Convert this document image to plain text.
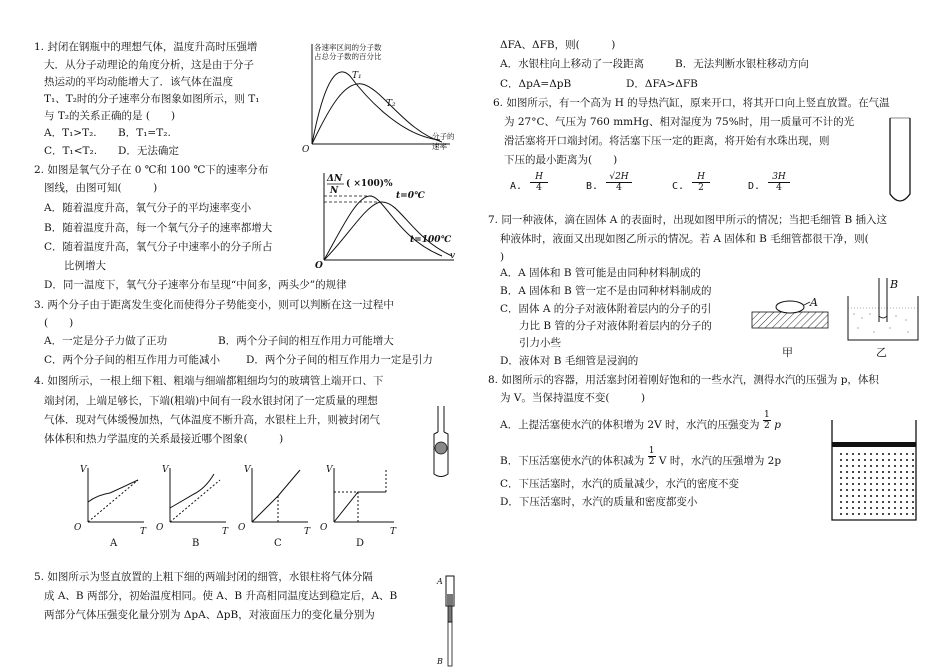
1. 封闭在钢瓶中的理想气体，温度升高时压强增
大．从分子动理论的角度分析，这是由于分子
热运动的平均动能增大了．该气体在温度
T₁、T₂时的分子速率分布图象如图所示，则 T₁
与 T₂的关系正确的是 (　　)
A．T₁>T₂. B．T₁=T₂.
C．T₁<T₂. D．无法确定
各速率区间的分子数
占总分子数的百分比
T₁
T₂
分子的
速率
O
2. 如图是氧气分子在 0 ℃和 100 ℃下的速率分布
图线，由图可知(　　　)
A．随着温度升高，氧气分子的平均速率变小
B．随着温度升高，每一个氧气分子的速率都增大
C．随着温度升高，氧气分子中速率小的分子所占
比例增大
D．同一温度下，氧气分子速率分布呈现“中间多，两头少”的规律
ΔN
N
( ×100)%
t=0℃
t=100℃
v
O
3. 两个分子由于距离发生变化而使得分子势能变小，则可以判断在这一过程中
(　　)
A．一定是分子力做了正功	B．两个分子间的相互作用力可能增大
C．两个分子间的相互作用力可能减小 D．两个分子间的相互作用力一定是引力
4. 如图所示，一根上细下粗、粗端与细端都粗细均匀的玻璃管上端开口、下
端封闭，上端足够长，下端(粗端)中间有一段水银封闭了一定质量的理想
气体．现对气体缓慢加热，气体温度不断升高，水银柱上升，则被封闭气
体体积和热力学温度的关系最接近哪个图象(　　　)
V
T
O
A
V
T
O
B
V
T
O
C
V
T
O
D
5. 如图所示为竖直放置的上粗下细的两端封闭的细管，水银柱将气体分隔
成 A、B 两部分，初始温度相同。使 A、B 升高相同温度达到稳定后，A、B
两部分气体压强变化量分别为 ΔpA、ΔpB，对液面压力的变化量分别为
A
B
ΔFA、ΔFB，则(　　　)
A．水银柱向上移动了一段距离	B．无法判断水银柱移动方向
C．ΔpA=ΔpB	D．ΔFA>ΔFB
6. 如图所示，有一个高为 H 的导热汽缸，原来开口，将其开口向上竖直放置。在气温
为 27°C、气压为 760 mmHg、相对湿度为 75%时，用一质量可不计的光
滑活塞将开口端封闭。将活塞下压一定的距离，将开始有水珠出现，则
下压的最小距离为(　　)
A. $\frac{H}{4}$	B. $\frac{√2H}{4}$	C. $\frac{H}{2}$	D. $\frac{3H}{4}$
7. 同一种液体，滴在固体 A 的表面时，出现如图甲所示的情况；当把毛细管 B 插入这
种液体时，液面又出现如图乙所示的情况。若 A 固体和 B 毛细管都很干净，则(
)
A．A 固体和 B 管可能是由同种材料制成的
B．A 固体和 B 管一定不是由同种材料制成的
C．固体 A 的分子对液体附着层内的分子的引
力比 B 管的分子对液体附着层内的分子的
引力小些
D．液体对 B 毛细管是浸润的
A
甲
B
乙
8. 如图所示的容器，用活塞封闭着刚好饱和的一些水汽，测得水汽的压强为 p，体积
为 V。当保持温度不变(　　　)
A．上提活塞使水汽的体积增为 2V 时，水汽的压强变为 $\frac{1}{2}$ p
B．下压活塞使水汽的体积减为 $\frac{1}{2}$ V 时，水汽的压强增为 2p
C．下压活塞时，水汽的质量减少，水汽的密度不变
D．下压活塞时，水汽的质量和密度都变小
